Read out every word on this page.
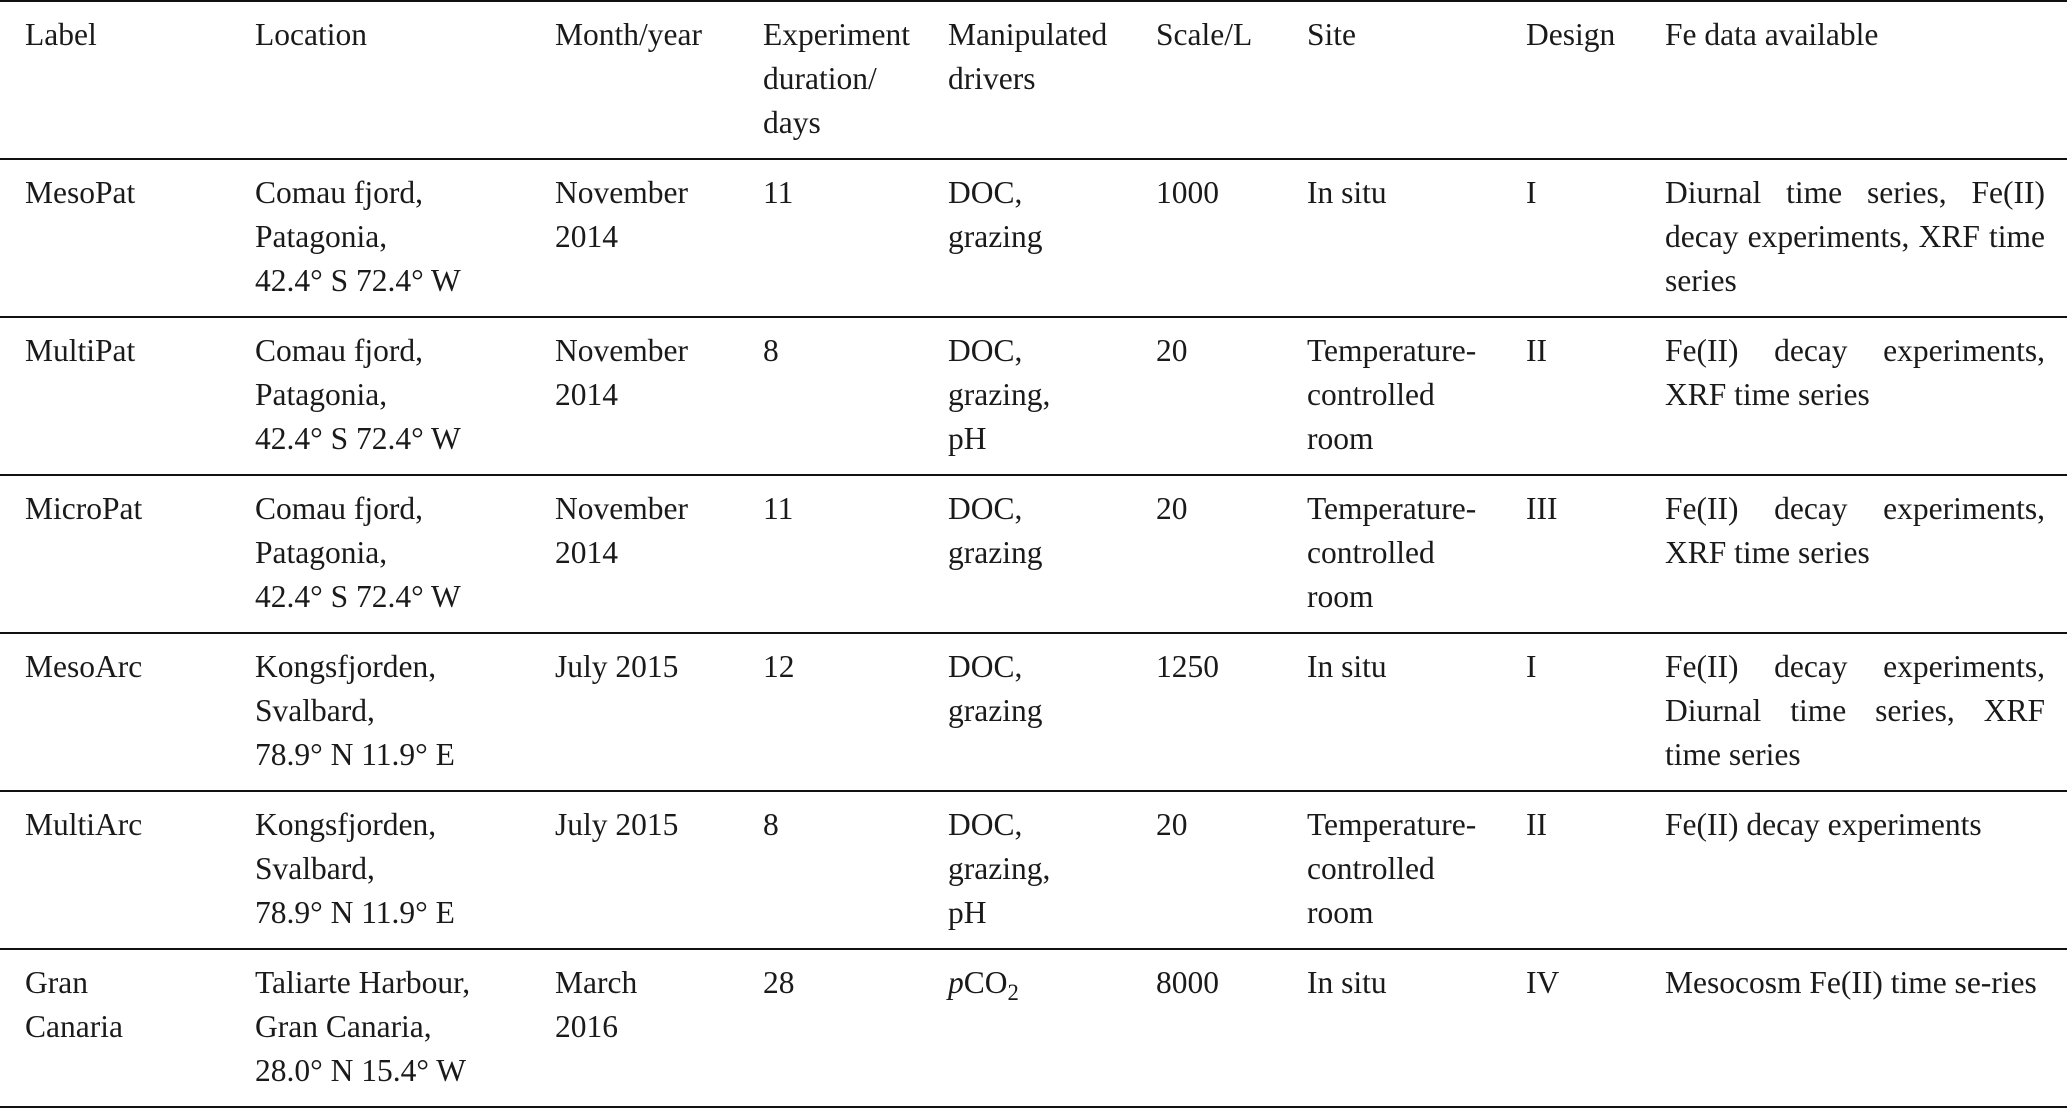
Label	Location	Month/year	Experiment
duration/
days	Manipulated
drivers	Scale/L	Site	Design	Fe data available

MesoPat	Comau fjord,
Patagonia,
42.4° S 72.4° W	November
2014	11	DOC,
grazing	1000	In situ	I	Diurnal time series, Fe(II) decay experiments, XRF time series

MultiPat	Comau fjord,
Patagonia,
42.4° S 72.4° W	November
2014	8	DOC,
grazing,
pH	20	Temperature-
controlled
room	II	Fe(II) decay experiments, XRF time series

MicroPat	Comau fjord,
Patagonia,
42.4° S 72.4° W	November
2014	11	DOC,
grazing	20	Temperature-
controlled
room	III	Fe(II) decay experiments, XRF time series

MesoArc	Kongsfjorden,
Svalbard,
78.9° N 11.9° E	July 2015	12	DOC,
grazing	1250	In situ	I	Fe(II) decay experiments, Diurnal time series, XRF time series

MultiArc	Kongsfjorden,
Svalbard,
78.9° N 11.9° E	July 2015	8	DOC,
grazing,
pH	20	Temperature-
controlled
room	II	Fe(II) decay experiments

Gran
Canaria	Taliarte Harbour,
Gran Canaria,
28.0° N 15.4° W	March
2016	28	pCO$_2$	8000	In situ	IV	Mesocosm Fe(II) time se-ries
